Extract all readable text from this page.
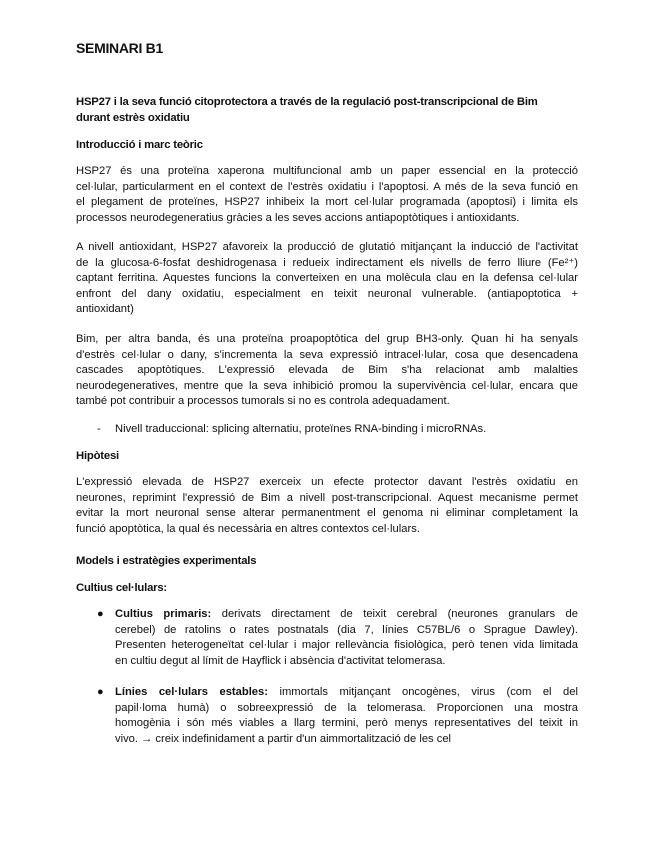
SEMINARI B1
HSP27 i la seva funció citoprotectora a través de la regulació post-transcripcional de Bim
durant estrès oxidatiu
Introducció i marc teòric
HSP27 és una proteïna xaperona multifuncional amb un paper essencial en la protecció
cel·lular, particularment en el context de l'estrès oxidatiu i l'apoptosi. A més de la seva funció en
el plegament de proteïnes, HSP27 inhibeix la mort cel·lular programada (apoptosi) i limita els
processos neurodegeneratius gràcies a les seves accions antiapoptòtiques i antioxidants.
A nivell antioxidant, HSP27 afavoreix la producció de glutatió mitjançant la inducció de l'activitat
de la glucosa-6-fosfat deshidrogenasa i redueix indirectament els nivells de ferro lliure (Fe²⁺)
captant ferritina. Aquestes funcions la converteixen en una molècula clau en la defensa cel·lular
enfront del dany oxidatiu, especialment en teixit neuronal vulnerable. (antiapoptotica +
antioxidant)
Bim, per altra banda, és una proteïna proapoptòtica del grup BH3-only. Quan hi ha senyals
d'estrès cel·lular o dany, s'incrementa la seva expressió intracel·lular, cosa que desencadena
cascades apoptòtiques. L'expressió elevada de Bim s'ha relacionat amb malalties
neurodegeneratives, mentre que la seva inhibició promou la supervivència cel·lular, encara que
també pot contribuir a processos tumorals si no es controla adequadament.
- Nivell traduccional: splicing alternatiu, proteïnes RNA-binding i microRNAs.
Hipòtesi
L'expressió elevada de HSP27 exerceix un efecte protector davant l'estrès oxidatiu en
neurones, reprimint l'expressió de Bim a nivell post-transcripcional. Aquest mecanisme permet
evitar la mort neuronal sense alterar permanentment el genoma ni eliminar completament la
funció apoptòtica, la qual és necessària en altres contextos cel·lulars.
Models i estratègies experimentals
Cultius cel·lulars:
● Cultius primaris: derivats directament de teixit cerebral (neurones granulars de
cerebel) de ratolins o rates postnatals (dia 7, línies C57BL/6 o Sprague Dawley).
Presenten heterogeneïtat cel·lular i major rellevància fisiològica, però tenen vida limitada
en cultiu degut al límit de Hayflick i absència d'activitat telomerasa.
● Línies cel·lulars estables: immortals mitjançant oncogènes, virus (com el del
papil·loma humà) o sobreexpressió de la telomerasa. Proporcionen una mostra
homogènia i són més viables a llarg termini, però menys representatives del teixit in
vivo. → creix indefinidament a partir d'un aimmortalització de les cel
